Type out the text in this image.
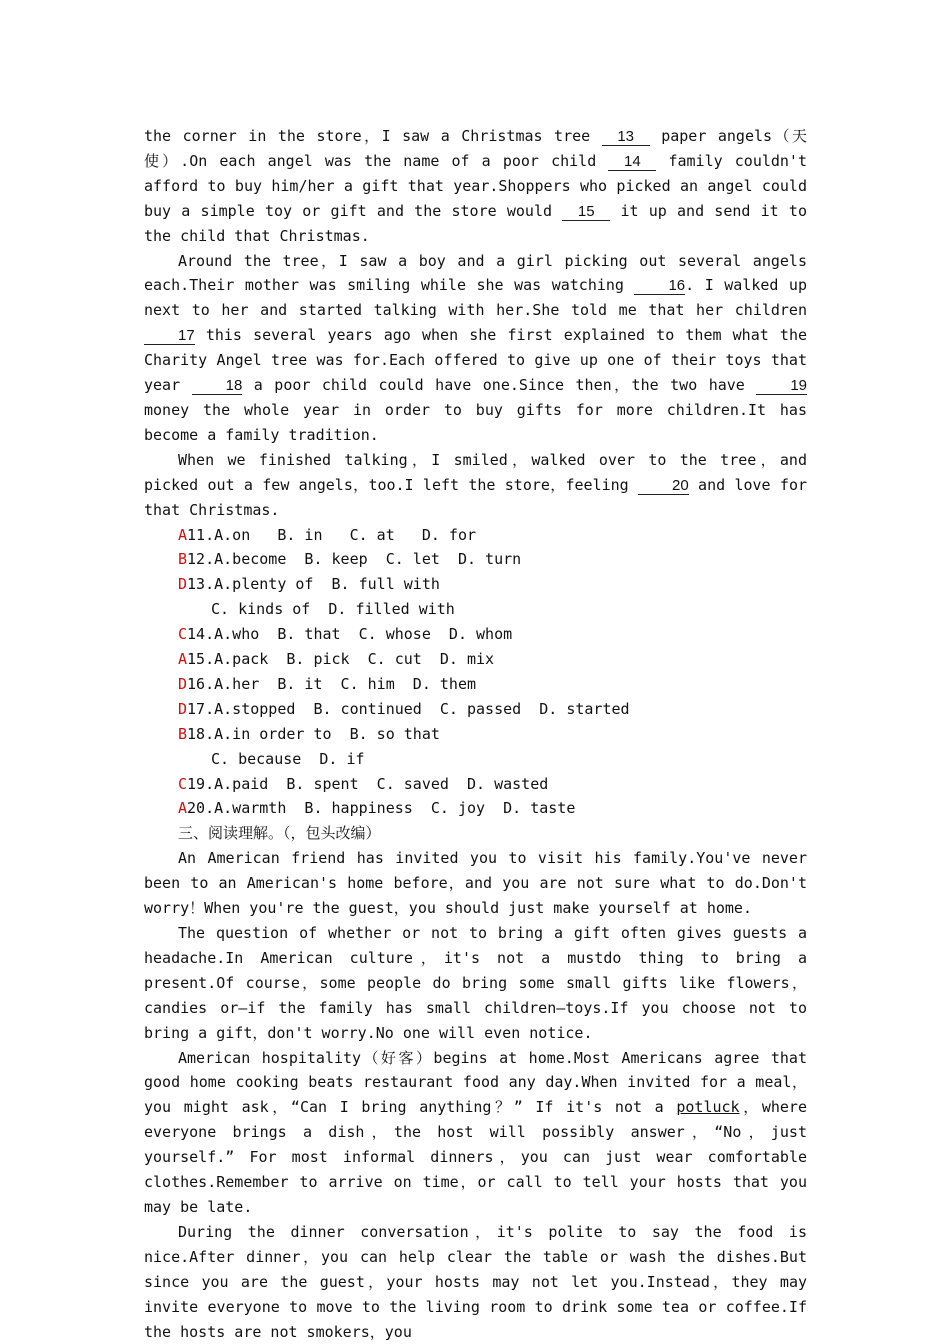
the corner in the store，I saw a Christmas tree 13 paper angels（天使）.On each angel was the name of a poor child 14 family couldn't afford to buy him/her a gift that year.Shoppers who picked an angel could buy a simple toy or gift and the store would 15 it up and send it to the child that Christmas.

Around the tree，I saw a boy and a girl picking out several angels each.Their mother was smiling while she was watching 16. I walked up next to her and started talking with her.She told me that her children 17 this several years ago when she first explained to them what the Charity Angel tree was for.Each offered to give up one of their toys that year 18 a poor child could have one.Since then，the two have 19 money the whole year in order to buy gifts for more children.It has become a family tradition.

When we finished talking，I smiled，walked over to the tree，and picked out a few angels，too.I left the store，feeling 20 and love for that Christmas.

A11.A.on   B. in   C. at   D. for

B12.A.become  B. keep  C. let  D. turn

D13.A.plenty of  B. full with

C. kinds of  D. filled with

C14.A.who  B. that  C. whose  D. whom

A15.A.pack  B. pick  C. cut  D. mix

D16.A.her  B. it  C. him  D. them

D17.A.stopped  B. continued  C. passed  D. started

B18.A.in order to  B. so that

C. because  D. if

C19.A.paid  B. spent  C. saved  D. wasted

A20.A.warmth  B. happiness  C. joy  D. taste

三、阅读理解。（，包头改编）

An American friend has invited you to visit his family.You've never been to an American's home before，and you are not sure what to do.Don't worry！When you're the guest，you should just make yourself at home.

The question of whether or not to bring a gift often gives guests a headache.In American culture，it's not a mustdo thing to bring a present.Of course，some people do bring some small gifts like flowers，candies or—if the family has small children—toys.If you choose not to bring a gift，don't worry.No one will even notice.

American hospitality（好客）begins at home.Most Americans agree that good home cooking beats restaurant food any day.When invited for a meal，you might ask，“Can I bring anything？” If it's not a potluck，where everyone brings a dish，the host will possibly answer，“No，just yourself.” For most informal dinners，you can just wear comfortable clothes.Remember to arrive on time，or call to tell your hosts that you may be late.

During the dinner conversation，it's polite to say the food is nice.After dinner，you can help clear the table or wash the dishes.But since you are the guest，your hosts may not let you.Instead，they may invite everyone to move to the living room to drink some tea or coffee.If the hosts are not smokers，you
